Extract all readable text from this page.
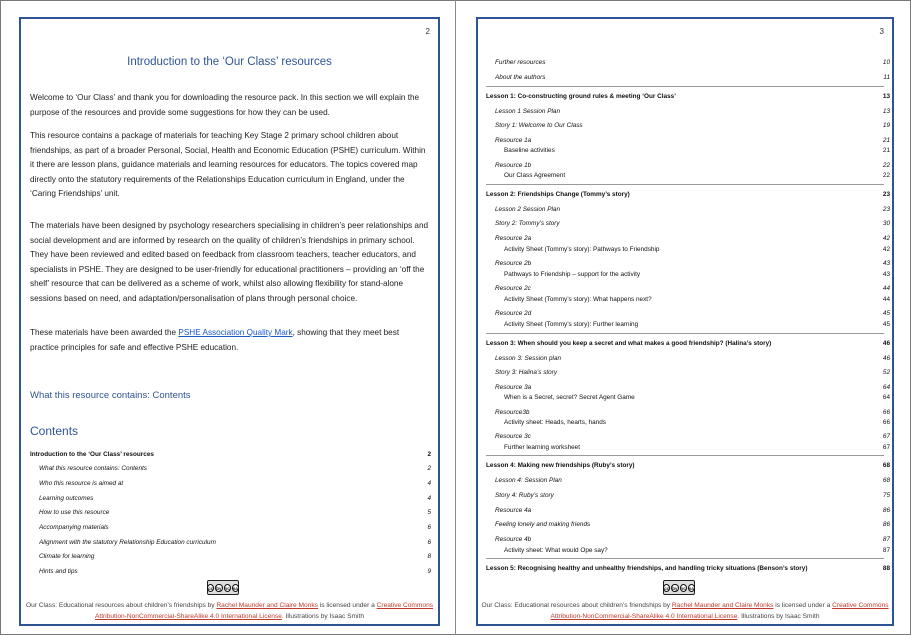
2
Introduction to the ‘Our Class’ resources

Welcome to ‘Our Class’ and thank you for downloading the resource pack. In this section we will explain the purpose of the resources and provide some suggestions for how they can be used.

This resource contains a package of materials for teaching Key Stage 2 primary school children about friendships, as part of a broader Personal, Social, Health and Economic Education (PSHE) curriculum. Within it there are lesson plans, guidance materials and learning resources for educators. The topics covered map directly onto the statutory requirements of the Relationships Education curriculum in England, under the ‘Caring Friendships’ unit.

The materials have been designed by psychology researchers specialising in children’s peer relationships and social development and are informed by research on the quality of children’s friendships in primary school. They have been reviewed and edited based on feedback from classroom teachers, teacher educators, and specialists in PSHE. They are designed to be user-friendly for educational practitioners – providing an ‘off the shelf’ resource that can be delivered as a scheme of work, whilst also allowing flexibility for stand-alone sessions based on need, and adaptation/personalisation of plans through personal choice.

These materials have been awarded the PSHE Association Quality Mark, showing that they meet best practice principles for safe and effective PSHE education.

What this resource contains: Contents
Contents
Introduction to the ‘Our Class’ resources	2
What this resource contains: Contents	2
Who this resource is aimed at	4
Learning outcomes	4
How to use this resource	5
Accompanying materials	6
Alignment with the statutory Relationship Education curriculum	6
Climate for learning	8
Hints and tips	9
cc by nc sa
Our Class: Educational resources about children’s friendships by Rachel Maunder and Claire Monks is licensed under a Creative Commons Attribution-NonCommercial-ShareAlike 4.0 International License. Illustrations by Isaac Smith
3
Further resources	10
About the authors	11
Lesson 1: Co-constructing ground rules & meeting ‘Our Class’	13
Lesson 1 Session Plan	13
Story 1: Welcome to Our Class	19
Resource 1a	21
Baseline activities	21
Resource 1b	22
Our Class Agreement	22
Lesson 2: Friendships Change (Tommy’s story)	23
Lesson 2 Session Plan	23
Story 2: Tommy’s story	30
Resource 2a	42
Activity Sheet (Tommy’s story): Pathways to Friendship	42
Resource 2b	43
Pathways to Friendship – support for the activity	43
Resource 2c	44
Activity Sheet (Tommy’s story): What happens next?	44
Resource 2d	45
Activity Sheet (Tommy’s story): Further learning	45
Lesson 3: When should you keep a secret and what makes a good friendship? (Halina’s story)	46
Lesson 3: Session plan	46
Story 3: Halina’s story	52
Resource 3a	64
When is a Secret, secret? Secret Agent Game	64
Resource3b	66
Activity sheet: Heads, hearts, hands	66
Resource 3c	67
Further learning worksheet	67
Lesson 4: Making new friendships (Ruby’s story)	68
Lesson 4: Session Plan	68
Story 4: Ruby’s story	75
Resource 4a	86
Feeling lonely and making friends	86
Resource 4b	87
Activity sheet: What would Ope say?	87
Lesson 5: Recognising healthy and unhealthy friendships, and handling tricky situations (Benson’s story)	88
cc by nc sa
Our Class: Educational resources about children’s friendships by Rachel Maunder and Claire Monks is licensed under a Creative Commons Attribution-NonCommercial-ShareAlike 4.0 International License. Illustrations by Isaac Smith
